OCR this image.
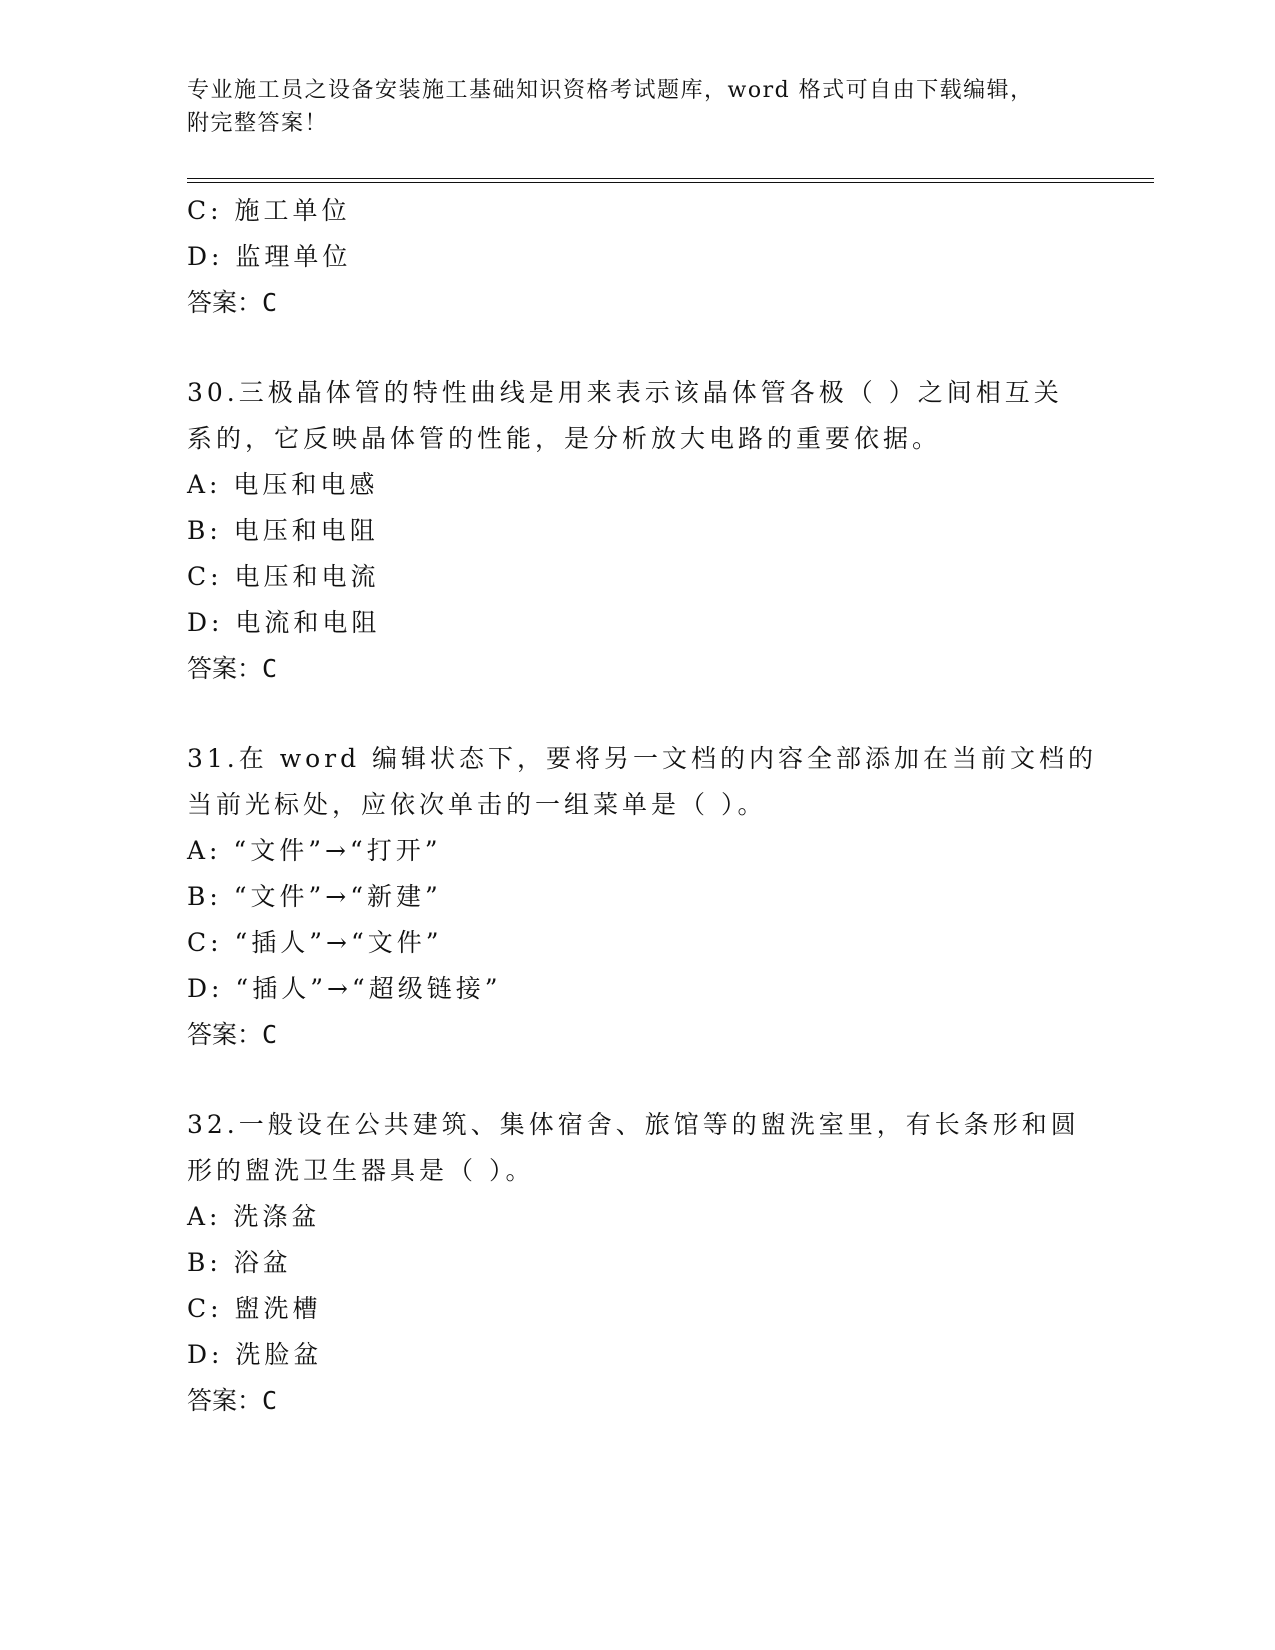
专业施工员之设备安装施工基础知识资格考试题库，word 格式可自由下载编辑，
附完整答案！
C: 施工单位
D: 监理单位
答案：C
30.三极晶体管的特性曲线是用来表示该晶体管各极（ ）之间相互关
系的，它反映晶体管的性能，是分析放大电路的重要依据。
A: 电压和电感
B: 电压和电阻
C: 电压和电流
D: 电流和电阻
答案：C
31.在 word 编辑状态下，要将另一文档的内容全部添加在当前文档的
当前光标处，应依次单击的一组菜单是（ ）。
A: “文件”→“打开”
B: “文件”→“新建”
C: “插人”→“文件”
D: “插人”→“超级链接”
答案：C
32.一般设在公共建筑、集体宿舍、旅馆等的盥洗室里，有长条形和圆
形的盥洗卫生器具是（ ）。
A: 洗涤盆
B: 浴盆
C: 盥洗槽
D: 洗脸盆
答案：C
